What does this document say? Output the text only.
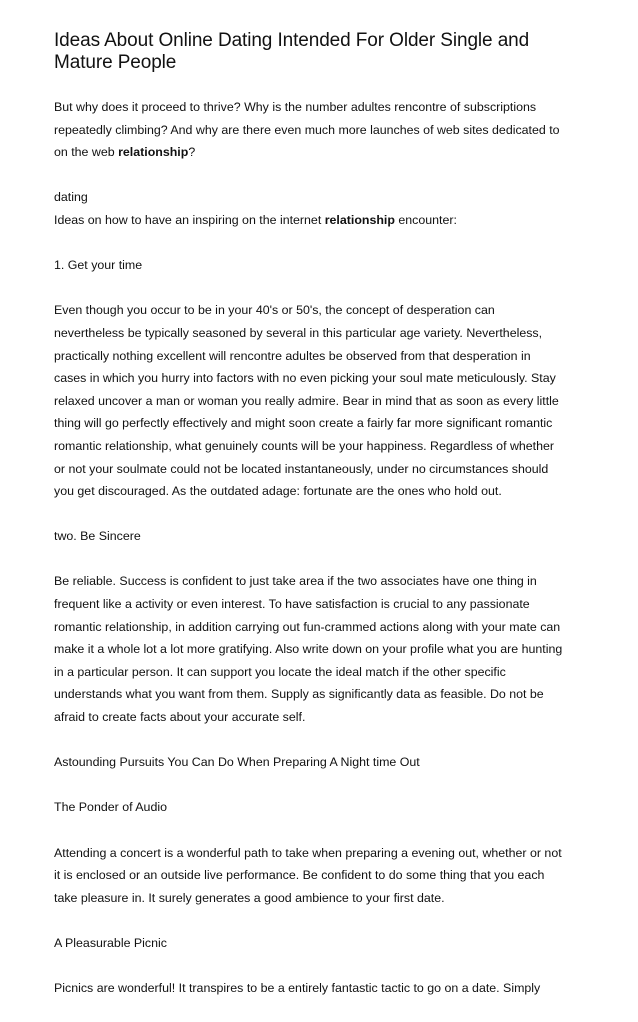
Ideas About Online Dating Intended For Older Single and
Mature People

But why does it proceed to thrive? Why is the number adultes rencontre of subscriptions
repeatedly climbing? And why are there even much more launches of web sites dedicated to
on the web relationship?

dating
Ideas on how to have an inspiring on the internet relationship encounter:

1. Get your time

Even though you occur to be in your 40's or 50's, the concept of desperation can
nevertheless be typically seasoned by several in this particular age variety. Nevertheless,
practically nothing excellent will rencontre adultes be observed from that desperation in
cases in which you hurry into factors with no even picking your soul mate meticulously. Stay
relaxed uncover a man or woman you really admire. Bear in mind that as soon as every little
thing will go perfectly effectively and might soon create a fairly far more significant romantic
romantic relationship, what genuinely counts will be your happiness. Regardless of whether
or not your soulmate could not be located instantaneously, under no circumstances should
you get discouraged. As the outdated adage: fortunate are the ones who hold out.

two. Be Sincere

Be reliable. Success is confident to just take area if the two associates have one thing in
frequent like a activity or even interest. To have satisfaction is crucial to any passionate
romantic relationship, in addition carrying out fun-crammed actions along with your mate can
make it a whole lot a lot more gratifying. Also write down on your profile what you are hunting
in a particular person. It can support you locate the ideal match if the other specific
understands what you want from them. Supply as significantly data as feasible. Do not be
afraid to create facts about your accurate self.

Astounding Pursuits You Can Do When Preparing A Night time Out

The Ponder of Audio

Attending a concert is a wonderful path to take when preparing a evening out, whether or not
it is enclosed or an outside live performance. Be confident to do some thing that you each
take pleasure in. It surely generates a good ambience to your first date.

A Pleasurable Picnic

Picnics are wonderful! It transpires to be a entirely fantastic tactic to go on a date. Simply
